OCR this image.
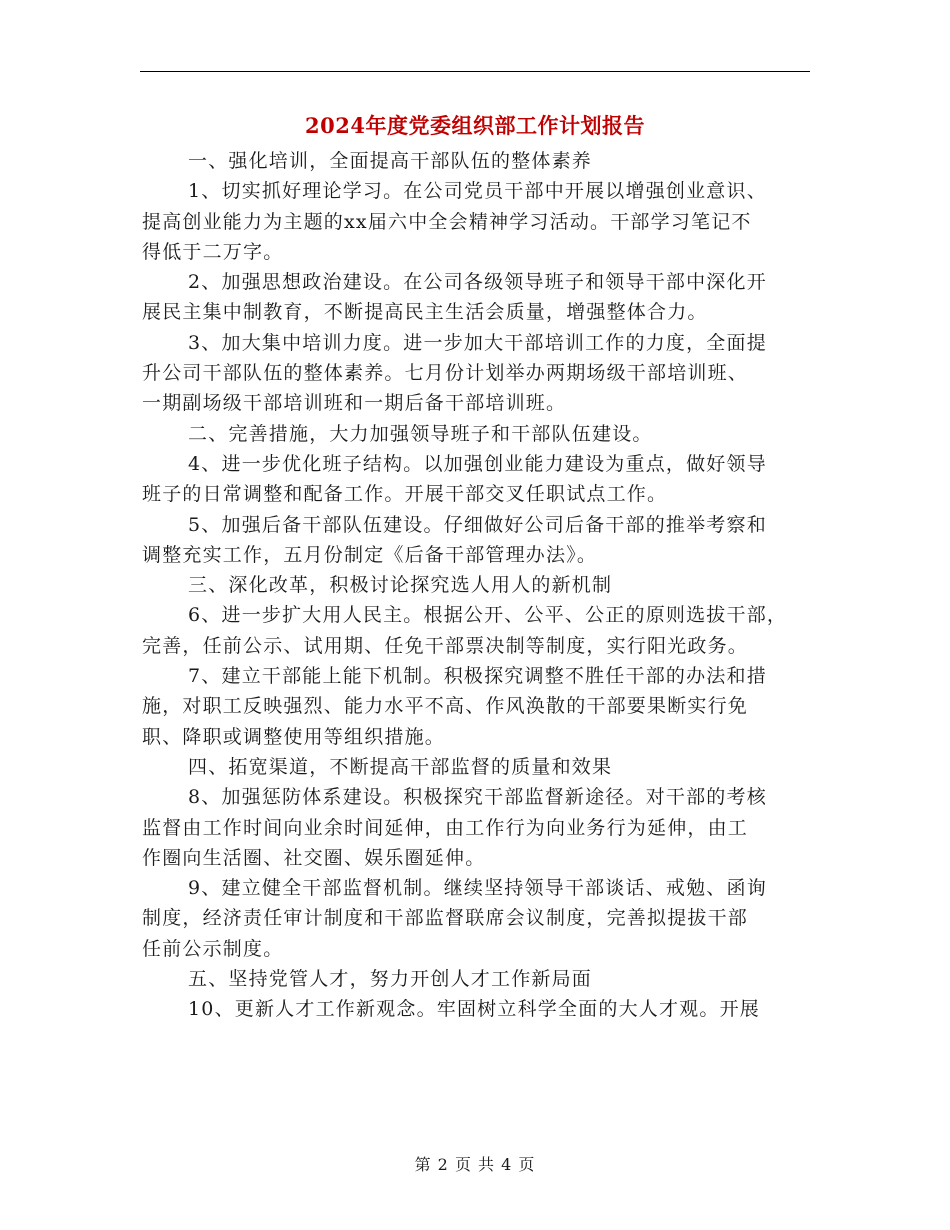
2024年度党委组织部工作计划报告
一、强化培训，全面提高干部队伍的整体素养
1、切实抓好理论学习。在公司党员干部中开展以增强创业意识、
提高创业能力为主题的xx届六中全会精神学习活动。干部学习笔记不
得低于二万字。
2、加强思想政治建设。在公司各级领导班子和领导干部中深化开
展民主集中制教育，不断提高民主生活会质量，增强整体合力。
3、加大集中培训力度。进一步加大干部培训工作的力度，全面提
升公司干部队伍的整体素养。七月份计划举办两期场级干部培训班、
一期副场级干部培训班和一期后备干部培训班。
二、完善措施，大力加强领导班子和干部队伍建设。
4、进一步优化班子结构。以加强创业能力建设为重点，做好领导
班子的日常调整和配备工作。开展干部交叉任职试点工作。
5、加强后备干部队伍建设。仔细做好公司后备干部的推举考察和
调整充实工作，五月份制定《后备干部管理办法》。
三、深化改革，积极讨论探究选人用人的新机制
6、进一步扩大用人民主。根据公开、公平、公正的原则选拔干部，
完善，任前公示、试用期、任免干部票决制等制度，实行阳光政务。
7、建立干部能上能下机制。积极探究调整不胜任干部的办法和措
施，对职工反映强烈、能力水平不高、作风涣散的干部要果断实行免
职、降职或调整使用等组织措施。
四、拓宽渠道，不断提高干部监督的质量和效果
8、加强惩防体系建设。积极探究干部监督新途径。对干部的考核
监督由工作时间向业余时间延伸，由工作行为向业务行为延伸，由工
作圈向生活圈、社交圈、娱乐圈延伸。
9、建立健全干部监督机制。继续坚持领导干部谈话、戒勉、函询
制度，经济责任审计制度和干部监督联席会议制度，完善拟提拔干部
任前公示制度。
五、坚持党管人才，努力开创人才工作新局面
10、更新人才工作新观念。牢固树立科学全面的大人才观。开展
第 2 页 共 4 页
